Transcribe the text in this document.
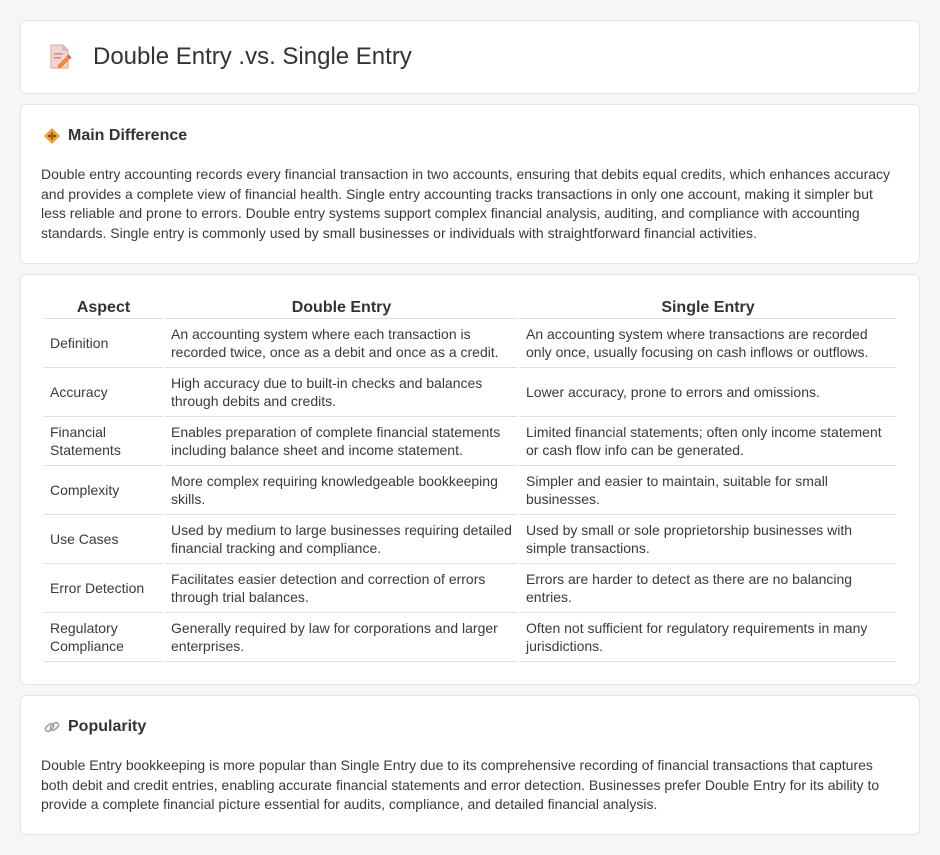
Double Entry .vs. Single Entry
Main Difference

Double entry accounting records every financial transaction in two accounts, ensuring that debits equal credits, which enhances accuracy and provides a complete view of financial health. Single entry accounting tracks transactions in only one account, making it simpler but less reliable and prone to errors. Double entry systems support complex financial analysis, auditing, and compliance with accounting standards. Single entry is commonly used by small businesses or individuals with straightforward financial activities.

Aspect	Double Entry	Single Entry
Definition	An accounting system where each transaction is recorded twice, once as a debit and once as a credit.	An accounting system where transactions are recorded only once, usually focusing on cash inflows or outflows.
Accuracy	High accuracy due to built-in checks and balances through debits and credits.	Lower accuracy, prone to errors and omissions.
Financial Statements	Enables preparation of complete financial statements including balance sheet and income statement.	Limited financial statements; often only income statement or cash flow info can be generated.
Complexity	More complex requiring knowledgeable bookkeeping skills.	Simpler and easier to maintain, suitable for small businesses.
Use Cases	Used by medium to large businesses requiring detailed financial tracking and compliance.	Used by small or sole proprietorship businesses with simple transactions.
Error Detection	Facilitates easier detection and correction of errors through trial balances.	Errors are harder to detect as there are no balancing entries.
Regulatory Compliance	Generally required by law for corporations and larger enterprises.	Often not sufficient for regulatory requirements in many jurisdictions.
Popularity

Double Entry bookkeeping is more popular than Single Entry due to its comprehensive recording of financial transactions that captures both debit and credit entries, enabling accurate financial statements and error detection. Businesses prefer Double Entry for its ability to provide a complete financial picture essential for audits, compliance, and detailed financial analysis.
